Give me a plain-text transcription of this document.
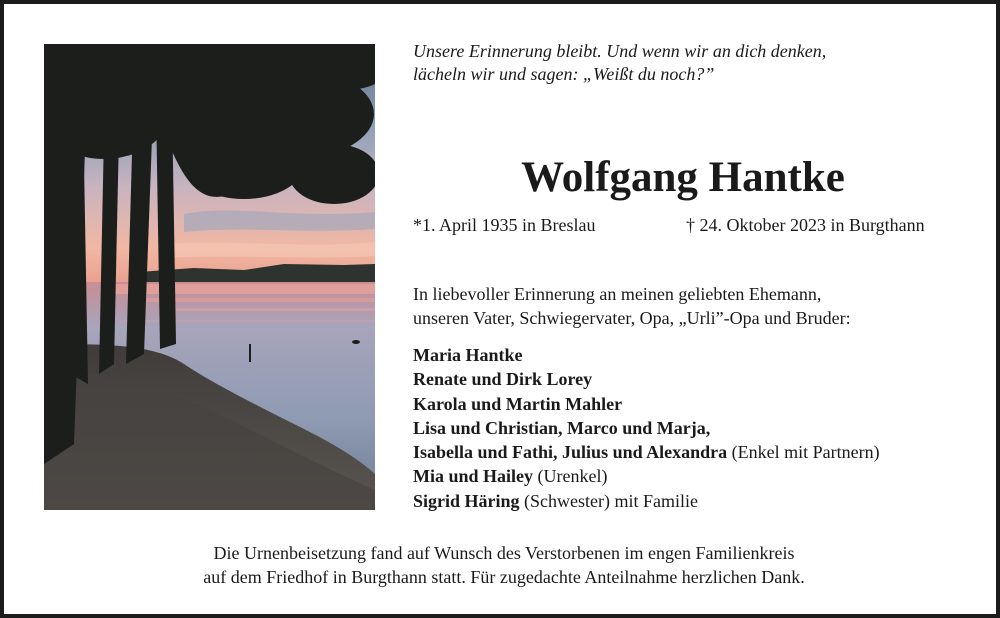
Unsere Erinnerung bleibt. Und wenn wir an dich denken,
lächeln wir und sagen: „Weißt du noch?”
Wolfgang Hantke
*1. April 1935 in Breslau	† 24. Oktober 2023 in Burgthann
In liebevoller Erinnerung an meinen geliebten Ehemann,
unseren Vater, Schwiegervater, Opa, „Urli”-Opa und Bruder:
Maria Hantke
Renate und Dirk Lorey
Karola und Martin Mahler
Lisa und Christian, Marco und Marja,
Isabella und Fathi, Julius und Alexandra (Enkel mit Partnern)
Mia und Hailey (Urenkel)
Sigrid Häring (Schwester) mit Familie
Die Urnenbeisetzung fand auf Wunsch des Verstorbenen im engen Familienkreis
auf dem Friedhof in Burgthann statt. Für zugedachte Anteilnahme herzlichen Dank.
